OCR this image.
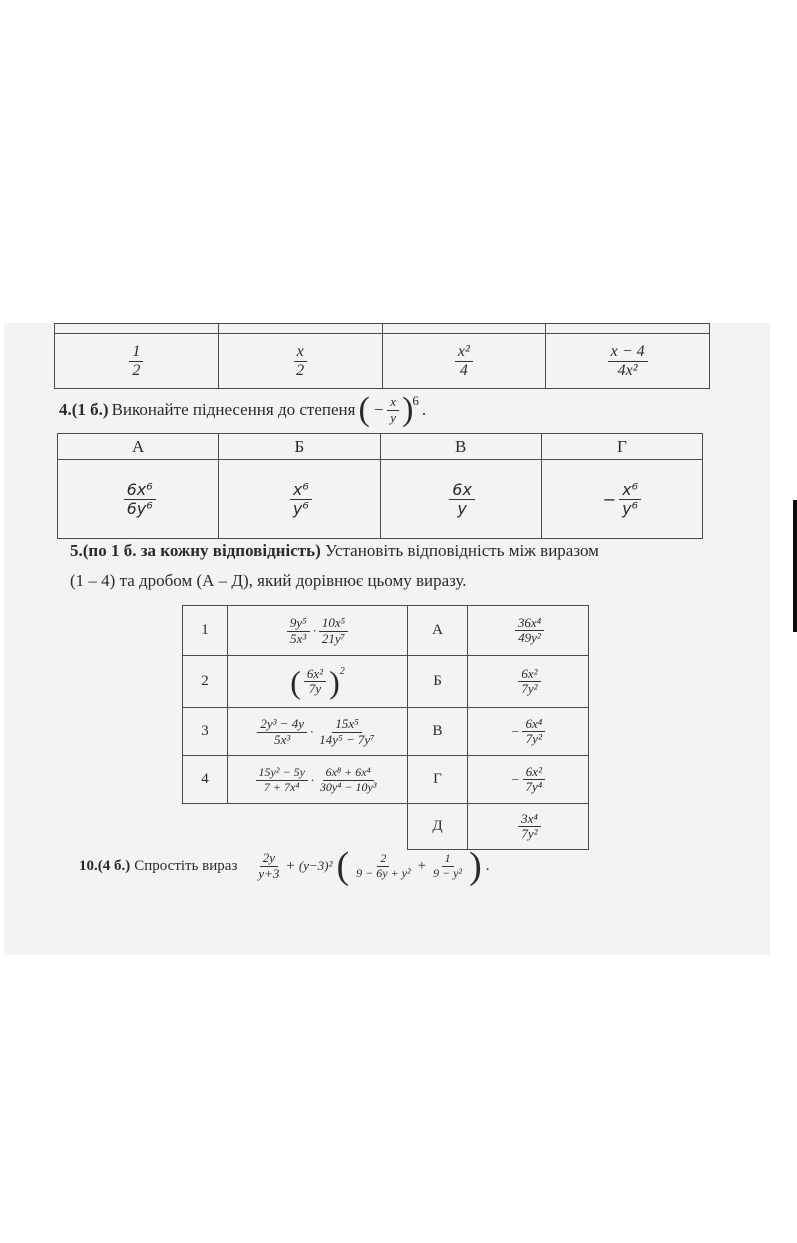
$\frac{1}{2}$	$\frac{x}{2}$	$\frac{\text{x²}}{4}$	$\frac{x - 4}{\text{4x²}}$
4.(1 б.) Виконайте піднесення до степеня ( − $\frac{x}{y} )^6$ .
А	Б	В	Г

$\frac{\text{6x⁶}}{\text{6y⁶}}$	$\frac{\text{x⁶}}{\text{y⁶}}$	$\frac{6x}{y}$	− $\frac{\text{x⁶}}{\text{y⁶}}$
5.(по 1 б. за кожну відповідність) Установіть відповідність між виразом
(1 – 4) та дробом (А – Д), який дорівнює цьому виразу.
1	$\frac{\text{9y⁵}}{\text{5x³}} \cdot \frac{\text{10x⁵}}{\text{21y⁷}}$	А	$\frac{\text{36x⁴}}{\text{49y²}}$

2	( $\frac{\text{6x²}}{7y} )^2$	Б	$\frac{\text{6x²}}{\text{7y²}}$

3	$\frac{\text{2y³ − 4y}}{\text{5x³}} \cdot \frac{\text{15x⁵}}{\text{14y⁵ − 7y⁷}}$	В	− $\frac{\text{6x⁴}}{\text{7y²}}$

4	$\frac{\text{15y² − 5y}}{\text{7 + 7x⁴}} \cdot \frac{\text{6x⁸ + 6x⁴}}{\text{30y⁴ − 10y³}}$	Г	− $\frac{\text{6x²}}{\text{7y⁴}}$

		Д	$\frac{\text{3x⁴}}{\text{7y²}}$
10.(4 б.) Спростіть вираз $\frac{2y}{y+3} + (y-3)^2$ ( $\frac{2}{\text{9 − 6y + y²}} + \frac{1}{\text{9 − y²}}$ ) .
